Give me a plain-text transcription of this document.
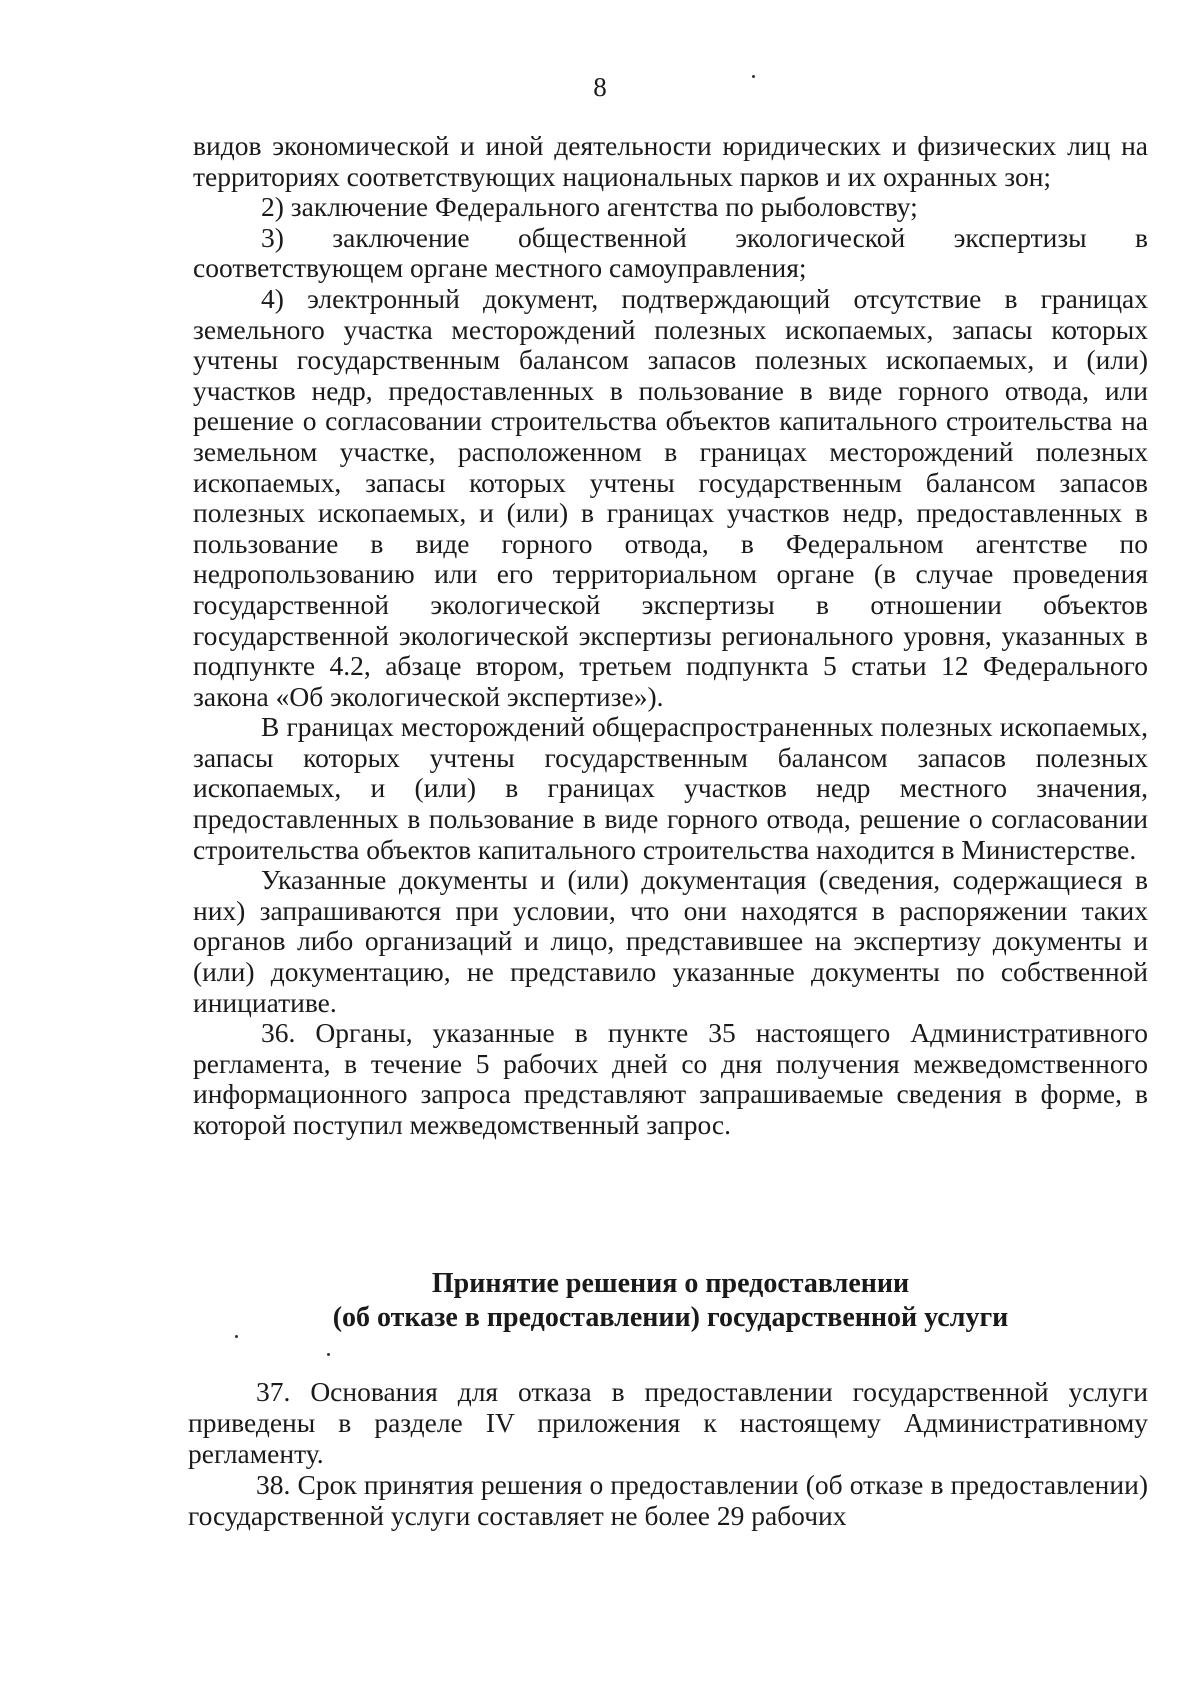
8

видов экономической и иной деятельности юридических и физических лиц на территориях соответствующих национальных парков и их охранных зон;

2) заключение Федерального агентства по рыболовству;

3) заключение общественной экологической экспертизы в соответствующем органе местного самоуправления;

4) электронный документ, подтверждающий отсутствие в границах земельного участка месторождений полезных ископаемых, запасы которых учтены государственным балансом запасов полезных ископаемых, и (или) участков недр, предоставленных в пользование в виде горного отвода, или решение о согласовании строительства объектов капитального строительства на земельном участке, расположенном в границах месторождений полезных ископаемых, запасы которых учтены государственным балансом запасов полезных ископаемых, и (или) в границах участков недр, предоставленных в пользование в виде горного отвода, в Федеральном агентстве по недропользованию или его территориальном органе (в случае проведения государственной экологической экспертизы в отношении объектов государственной экологической экспертизы регионального уровня, указанных в подпункте 4.2, абзаце втором, третьем подпункта 5 статьи 12 Федерального закона «Об экологической экспертизе»).

В границах месторождений общераспространенных полезных ископаемых, запасы которых учтены государственным балансом запасов полезных ископаемых, и (или) в границах участков недр местного значения, предоставленных в пользование в виде горного отвода, решение о согласовании строительства объектов капитального строительства находится в Министерстве.

Указанные документы и (или) документация (сведения, содержащиеся в них) запрашиваются при условии, что они находятся в распоряжении таких органов либо организаций и лицо, представившее на экспертизу документы и (или) документацию, не представило указанные документы по собственной инициативе.

36. Органы, указанные в пункте 35 настоящего Административного регламента, в течение 5 рабочих дней со дня получения межведомственного информационного запроса представляют запрашиваемые сведения в форме, в которой поступил межведомственный запрос.

Принятие решения о предоставлении
(об отказе в предоставлении) государственной услуги

37. Основания для отказа в предоставлении государственной услуги приведены в разделе IV приложения к настоящему Административному регламенту.

38. Срок принятия решения о предоставлении (об отказе в предоставлении) государственной услуги составляет не более 29 рабочих
